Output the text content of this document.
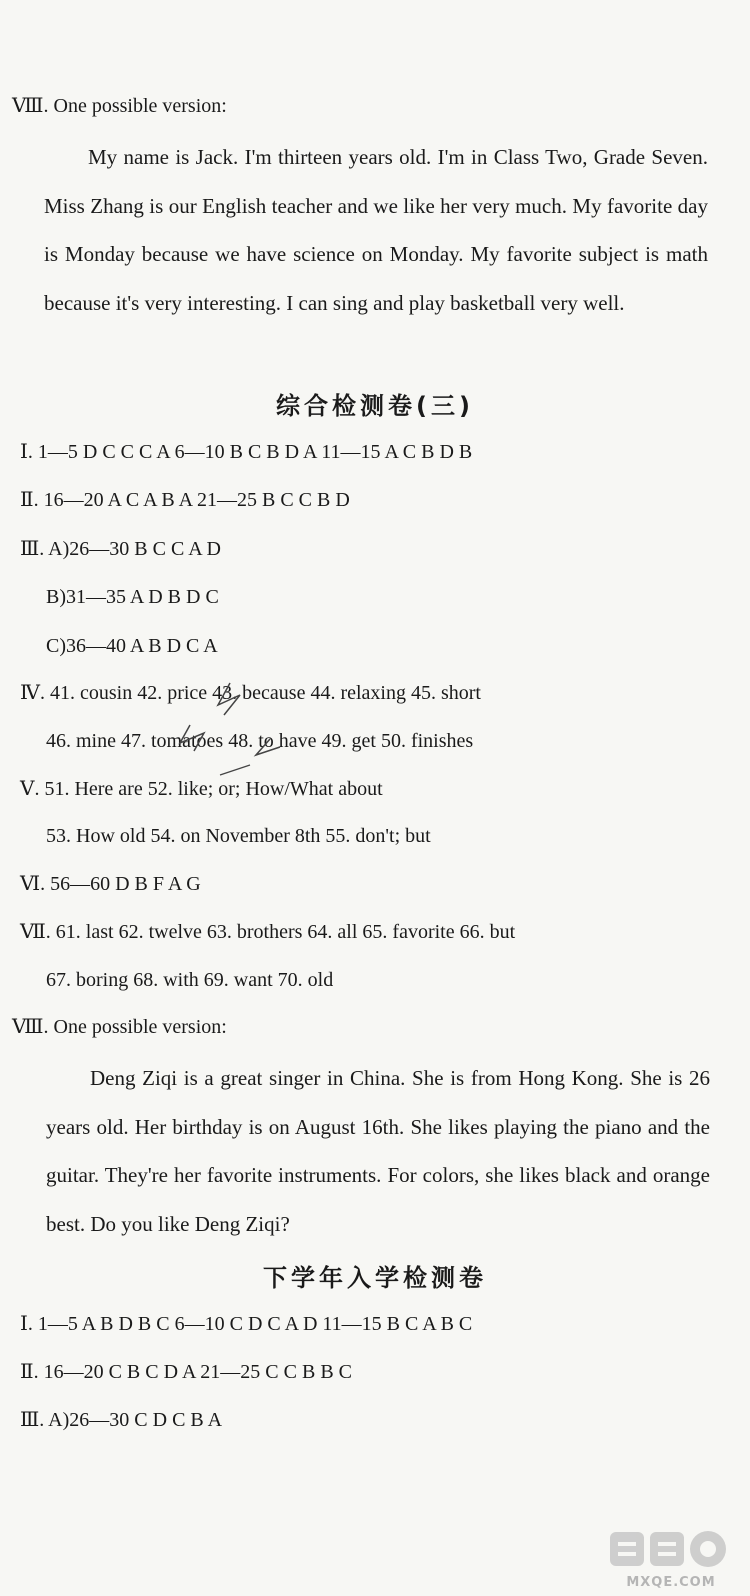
Ⅷ. One possible version:
My name is Jack. I'm thirteen years old. I'm in Class Two, Grade Seven. Miss Zhang is our English teacher and we like her very much. My favorite day is Monday because we have science on Monday. My favorite subject is math because it's very interesting. I can sing and play basketball very well.
综合检测卷(三)
Ⅰ. 1—5 D C C C A 6—10 B C B D A 11—15 A C B D B
Ⅱ. 16—20 A C A B A 21—25 B C C B D
Ⅲ. A)26—30 B C C A D
B)31—35 A D B D C
C)36—40 A B D C A
Ⅳ. 41. cousin 42. price 43. because 44. relaxing 45. short
46. mine 47. tomatoes 48. to have 49. get 50. finishes
Ⅴ. 51. Here are 52. like; or; How/What about
53. How old 54. on November 8th 55. don't; but
Ⅵ. 56—60 D B F A G
Ⅶ. 61. last 62. twelve 63. brothers 64. all 65. favorite 66. but
67. boring 68. with 69. want 70. old
Ⅷ. One possible version:
Deng Ziqi is a great singer in China. She is from Hong Kong. She is 26 years old. Her birthday is on August 16th. She likes playing the piano and the guitar. They're her favorite instruments. For colors, she likes black and orange best. Do you like Deng Ziqi?
下学年入学检测卷
Ⅰ. 1—5 A B D B C 6—10 C D C A D 11—15 B C A B C
Ⅱ. 16—20 C B C D A 21—25 C C B B C
Ⅲ. A)26—30 C D C B A
MXQE.COM
